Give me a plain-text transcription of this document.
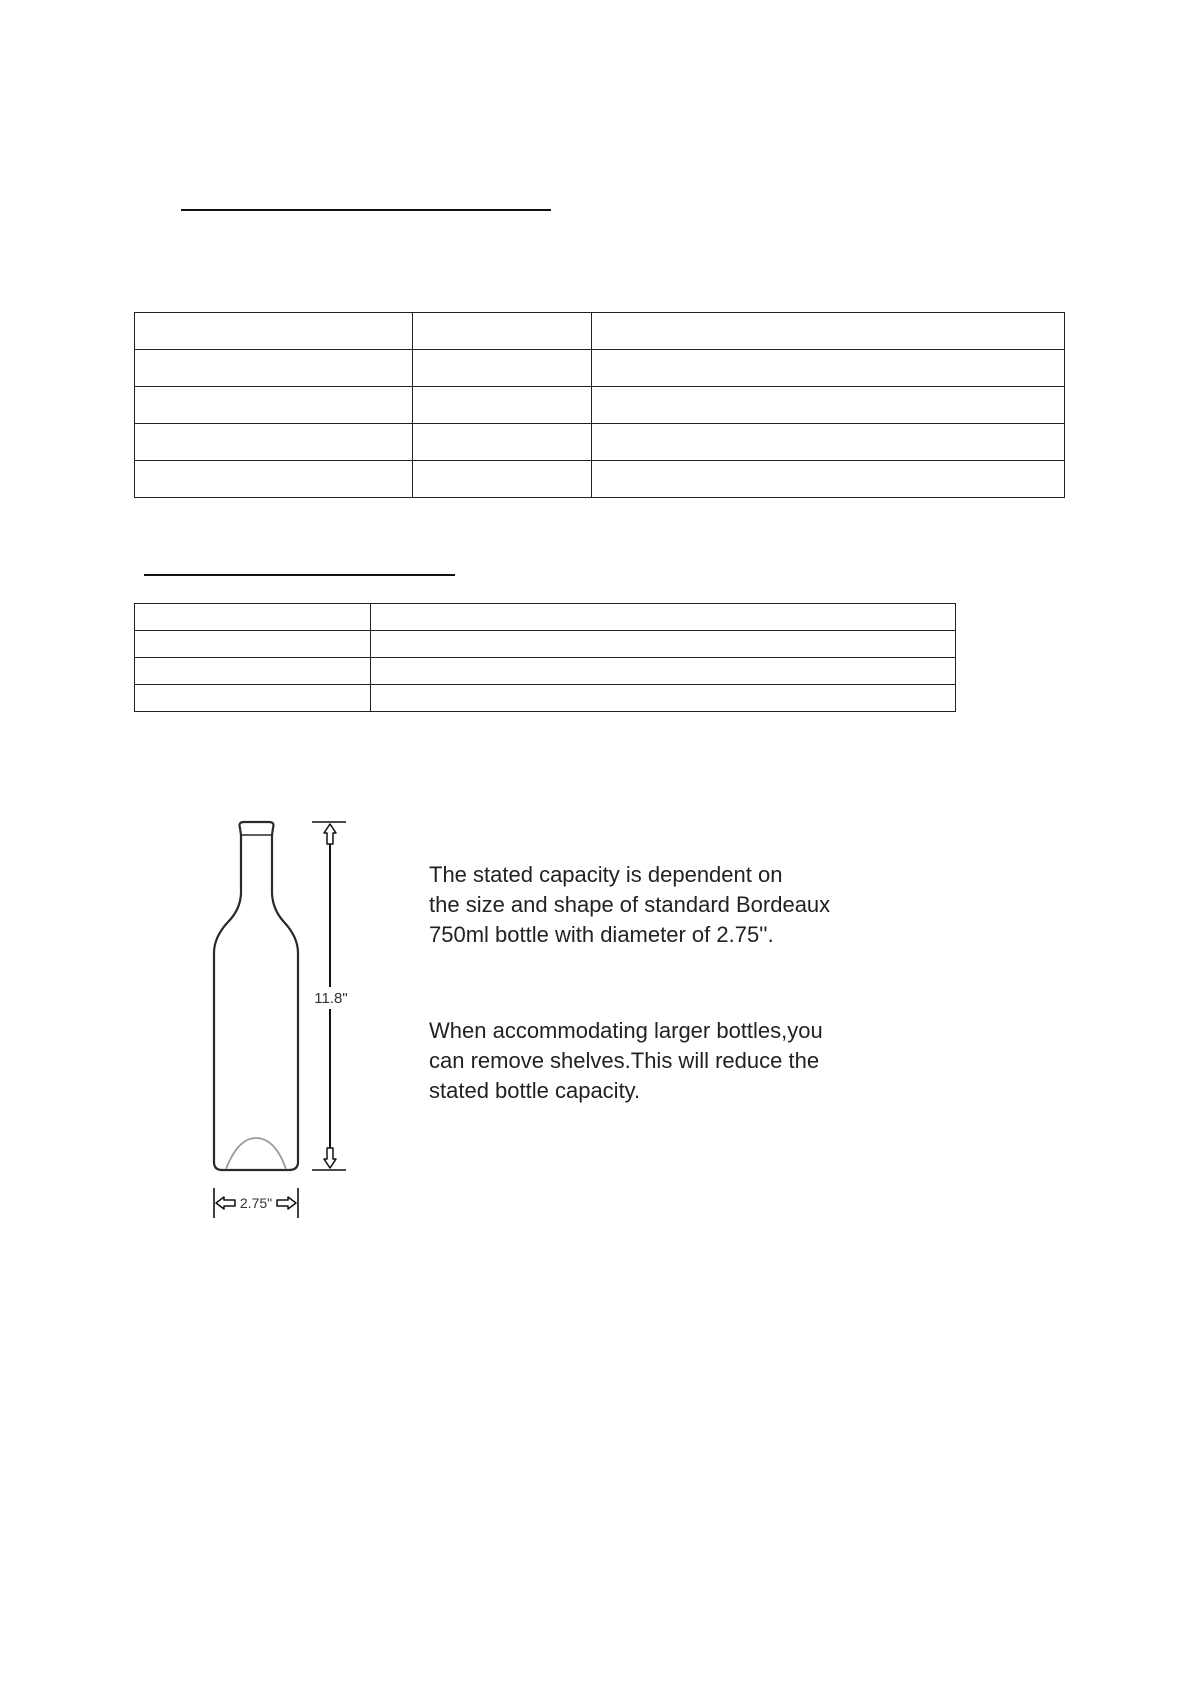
11.8"
2.75"

The stated capacity is dependent on
the size and shape of standard Bordeaux
750ml bottle with diameter of 2.75''.

When accommodating larger bottles,you
can remove shelves.This will reduce the
stated bottle capacity.
